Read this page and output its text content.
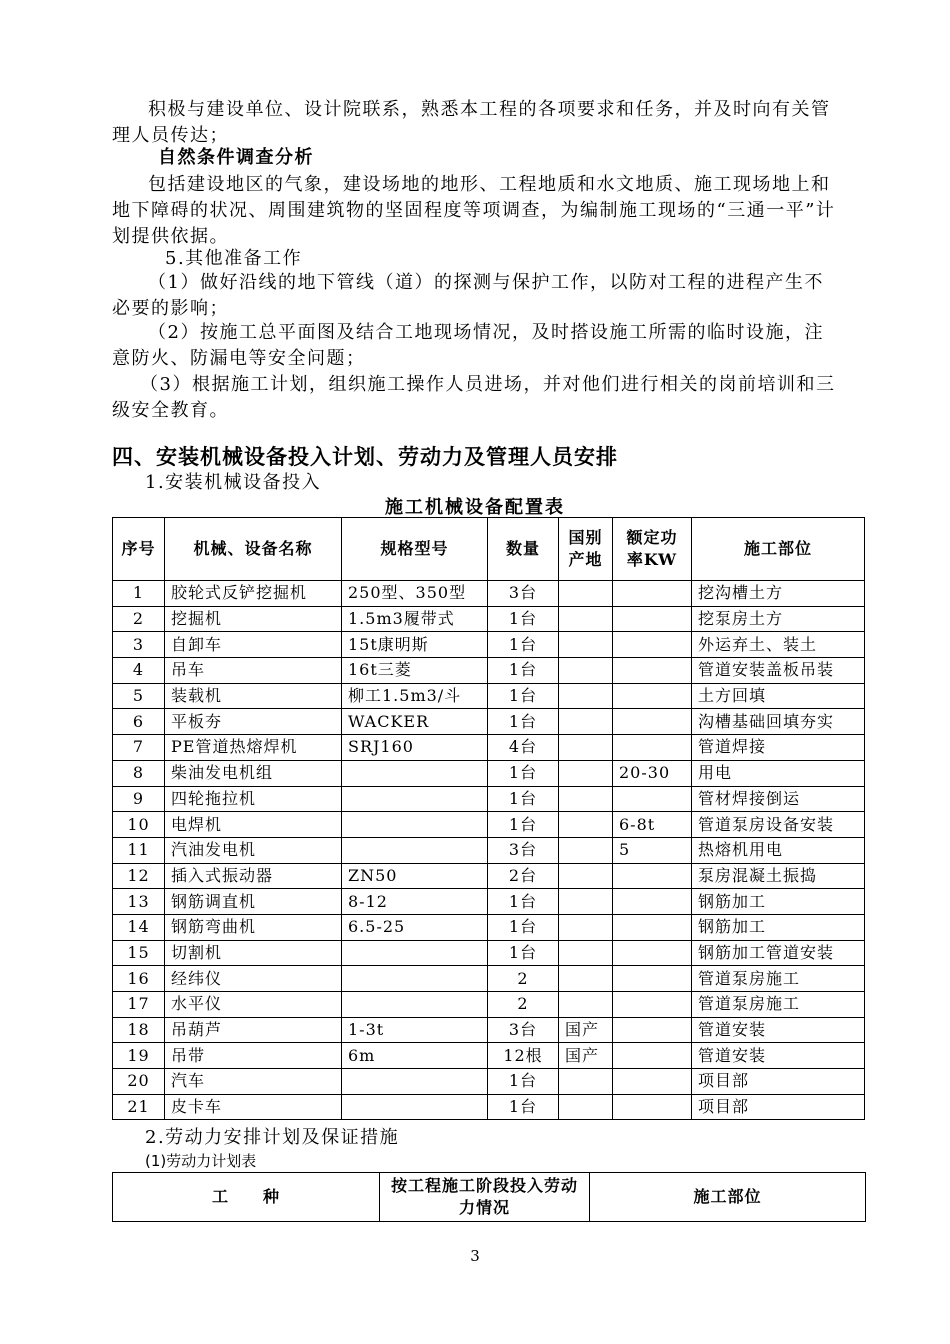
积极与建设单位、设计院联系，熟悉本工程的各项要求和任务，并及时向有关管理人员传达；

自然条件调查分析

包括建设地区的气象，建设场地的地形、工程地质和水文地质、施工现场地上和地下障碍的状况、周围建筑物的坚固程度等项调查，为编制施工现场的“三通一平”计划提供依据。

5.其他准备工作

（1）做好沿线的地下管线（道）的探测与保护工作，以防对工程的进程产生不必要的影响；

（2）按施工总平面图及结合工地现场情况，及时搭设施工所需的临时设施，注意防火、防漏电等安全问题；

（3）根据施工计划，组织施工操作人员进场，并对他们进行相关的岗前培训和三级安全教育。

四、安装机械设备投入计划、劳动力及管理人员安排
1.安装机械设备投入
施工机械设备配置表
序号	机械、设备名称	规格型号	数量	国别产地	额定功率KW	施工部位
1	胶轮式反铲挖掘机	250型、350型	3台			挖沟槽土方
2	挖掘机	1.5m3履带式	1台			挖泵房土方
3	自卸车	15t康明斯	1台			外运弃土、装土
4	吊车	16t三菱	1台			管道安装盖板吊装
5	装载机	柳工1.5m3/斗	1台			土方回填
6	平板夯	WACKER	1台			沟槽基础回填夯实
7	PE管道热熔焊机	SRJ160	4台			管道焊接
8	柴油发电机组		1台		20-30	用电
9	四轮拖拉机		1台			管材焊接倒运
10	电焊机		1台		6-8t	管道泵房设备安装
11	汽油发电机		3台		5	热熔机用电
12	插入式振动器	ZN50	2台			泵房混凝土振捣
13	钢筋调直机	8-12	1台			钢筋加工
14	钢筋弯曲机	6.5-25	1台			钢筋加工
15	切割机		1台			钢筋加工管道安装
16	经纬仪		2			管道泵房施工
17	水平仪		2			管道泵房施工
18	吊葫芦	1-3t	3台	国产		管道安装
19	吊带	6m	12根	国产		管道安装
20	汽车		1台			项目部
21	皮卡车		1台			项目部
2.劳动力安排计划及保证措施
(1)劳动力计划表
工　　种	按工程施工阶段投入劳动力情况	施工部位
3
